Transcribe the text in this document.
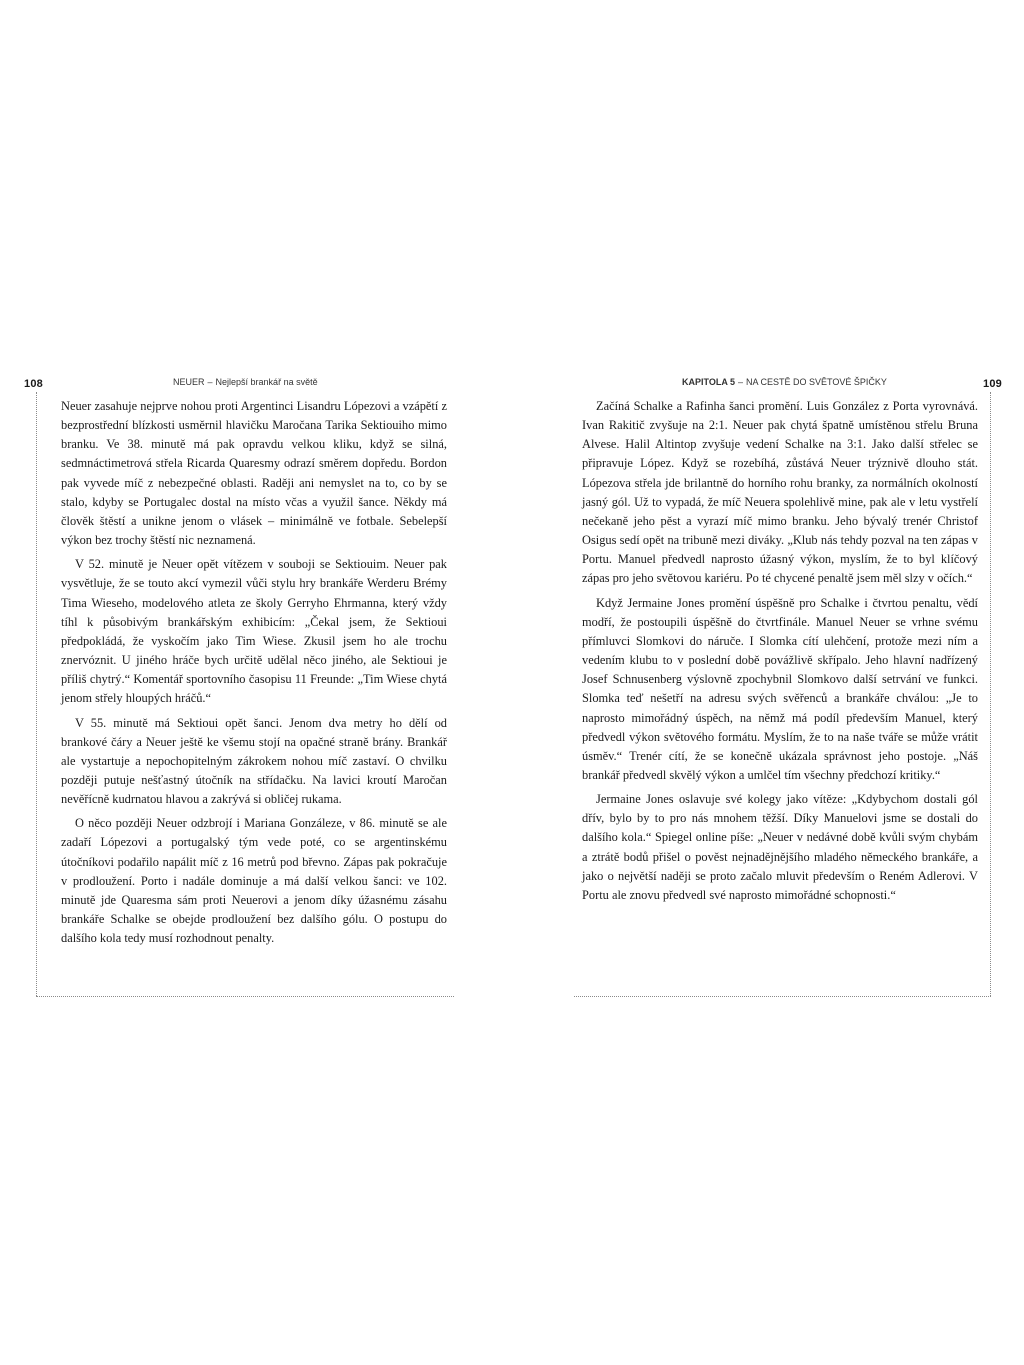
108	NEUER – Nejlepší brankář na světě

Neuer zasahuje nejprve nohou proti Argentinci Lisandru Lópezovi a vzápětí z bezprostřední blízkosti usměrnil hlavičku Maročana Tarika Sektiouiho mimo branku. Ve 38. minutě má pak opravdu velkou kliku, když se silná, sedmnáctimetrová střela Ricarda Quaresmy odrazí směrem dopředu. Bordon pak vyvede míč z nebezpečné oblasti. Raději ani nemyslet na to, co by se stalo, kdyby se Portugalec dostal na místo včas a využil šance. Někdy má člověk štěstí a unikne jenom o vlásek – minimálně ve fotbale. Sebelepší výkon bez trochy štěstí nic neznamená.

V 52. minutě je Neuer opět vítězem v souboji se Sektiouim. Neuer pak vysvětluje, že se touto akcí vymezil vůči stylu hry brankáře Werderu Brémy Tima Wieseho, modelového atleta ze školy Gerryho Ehrmanna, který vždy tíhl k působivým brankářským exhibicím: „Čekal jsem, že Sektioui předpokládá, že vyskočím jako Tim Wiese. Zkusil jsem ho ale trochu znervóznit. U jiného hráče bych určitě udělal něco jiného, ale Sektioui je příliš chytrý.“ Komentář sportovního časopisu 11 Freunde: „Tim Wiese chytá jenom střely hloupých hráčů.“

V 55. minutě má Sektioui opět šanci. Jenom dva metry ho dělí od brankové čáry a Neuer ještě ke všemu stojí na opačné straně brány. Brankář ale vystartuje a nepochopitelným zákrokem nohou míč zastaví. O chvilku později putuje nešťastný útočník na střídačku. Na lavici kroutí Maročan nevěřícně kudrnatou hlavou a zakrývá si obličej rukama.

O něco později Neuer odzbrojí i Mariana Gonzáleze, v 86. minutě se ale zadaří Lópezovi a portugalský tým vede poté, co se argentinskému útočníkovi podařilo napálit míč z 16 metrů pod břevno. Zápas pak pokračuje v prodloužení. Porto i nadále dominuje a má další velkou šanci: ve 102. minutě jde Quaresma sám proti Neuerovi a jenom díky úžasnému zásahu brankáře Schalke se obejde prodloužení bez dalšího gólu. O postupu do dalšího kola tedy musí rozhodnout penalty.

109
KAPITOLA 5 – NA CESTĚ DO SVĚTOVÉ ŠPIČKY

Začíná Schalke a Rafinha šanci promění. Luis González z Porta vyrovnává. Ivan Rakitič zvyšuje na 2:1. Neuer pak chytá špatně umístěnou střelu Bruna Alvese. Halil Altintop zvyšuje vedení Schalke na 3:1. Jako další střelec se připravuje López. Když se rozebíhá, zůstává Neuer trýznivě dlouho stát. Lópezova střela jde brilantně do horního rohu branky, za normálních okolností jasný gól. Už to vypadá, že míč Neuera spolehlivě mine, pak ale v letu vystřelí nečekaně jeho pěst a vyrazí míč mimo branku. Jeho bývalý trenér Christof Osigus sedí opět na tribuně mezi diváky. „Klub nás tehdy pozval na ten zápas v Portu. Manuel předvedl naprosto úžasný výkon, myslím, že to byl klíčový zápas pro jeho světovou kariéru. Po té chycené penaltě jsem měl slzy v očích.“

Když Jermaine Jones promění úspěšně pro Schalke i čtvrtou penaltu, vědí modří, že postoupili úspěšně do čtvrtfinále. Manuel Neuer se vrhne svému přímluvci Slomkovi do náruče. I Slomka cítí ulehčení, protože mezi ním a vedením klubu to v poslední době povážlivě skřípalo. Jeho hlavní nadřízený Josef Schnusenberg výslovně zpochybnil Slomkovo další setrvání ve funkci. Slomka teď nešetří na adresu svých svěřenců a brankáře chválou: „Je to naprosto mimořádný úspěch, na němž má podíl především Manuel, který předvedl výkon světového formátu. Myslím, že to na naše tváře se může vrátit úsměv.“ Trenér cítí, že se konečně ukázala správnost jeho postoje. „Náš brankář předvedl skvělý výkon a umlčel tím všechny předchozí kritiky.“

Jermaine Jones oslavuje své kolegy jako vítěze: „Kdybychom dostali gól dřív, bylo by to pro nás mnohem těžší. Díky Manuelovi jsme se dostali do dalšího kola.“ Spiegel online píše: „Neuer v nedávné době kvůli svým chybám a ztrátě bodů přišel o pověst nejnadějnějšího mladého německého brankáře, a jako o největší naději se proto začalo mluvit především o Reném Adlerovi. V Portu ale znovu předvedl své naprosto mimořádné schopnosti.“
